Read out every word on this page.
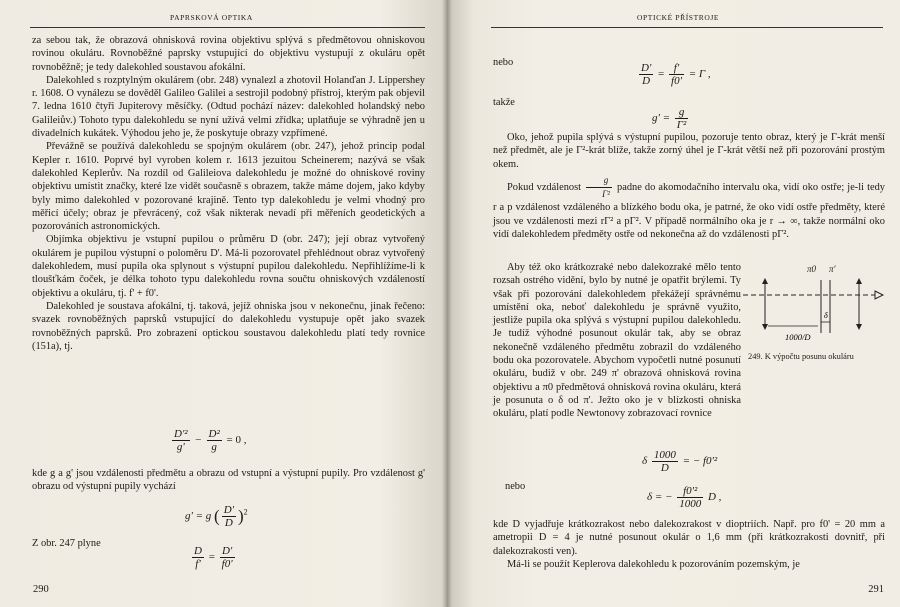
PAPRSKOVÁ OPTIKA

za sebou tak, že obrazová ohnisková rovina objektivu splývá s předmětovou ohniskovou rovinou okuláru. Rovnoběžné paprsky vstupující do objektivu vystupují z okuláru opět rovnoběžně; je tedy dalekohled soustavou afokální.

Dalekohled s rozptylným okulárem (obr. 248) vynalezl a zhotovil Holanďan J. Lippershey r. 1608. O vynálezu se dověděl Galileo Galilei a sestrojil podobný přístroj, kterým pak objevil 7. ledna 1610 čtyři Jupiterovy měsíčky. (Odtud pochází název: dalekohled holandský nebo Galileiův.) Tohoto typu dalekohledu se nyní užívá velmi zřídka; uplatňuje se výhradně jen u divadelních kukátek. Výhodou jeho je, že poskytuje obrazy vzpřímené.

Převážně se používá dalekohledu se spojným okulárem (obr. 247), jehož princip podal Kepler r. 1610. Poprvé byl vyroben kolem r. 1613 jezuitou Scheinerem; nazývá se však dalekohled Keplerův. Na rozdíl od Galileiova dalekohledu je možné do ohniskové roviny objektivu umístit značky, které lze vidět současně s obrazem, takže máme dojem, jako kdyby byly mimo dalekohled v pozorované krajině. Tento typ dalekohledu je velmi vhodný pro měřicí účely; obraz je převrácený, což však nikterak nevadí při měřeních geodetických a pozorováních astronomických.

Objímka objektivu je vstupní pupilou o průměru D (obr. 247); její obraz vytvořený okulárem je pupilou výstupní o poloměru D'. Má-li pozorovatel přehlédnout obraz vytvořený dalekohledem, musí pupila oka splynout s výstupní pupilou dalekohledu. Nepřihlížíme-li k tloušťkám čoček, je délka tohoto typu dalekohledu rovna součtu ohniskových vzdáleností objektivu a okuláru, tj. f' + f0'.

Dalekohled je soustava afokální, tj. taková, jejíž ohniska jsou v nekonečnu, jinak řečeno: svazek rovnoběžných paprsků vstupující do dalekohledu vystupuje opět jako svazek rovnoběžných paprsků. Pro zobrazení optickou soustavou dalekohledu platí tedy rovnice (151a), tj.

$\frac{\text{D'²}}{g'} - \frac{\text{D²}}{g} = 0$ ,

kde g a g' jsou vzdálenosti předmětu a obrazu od vstupní a výstupní pupily. Pro vzdálenost g' obrazu od výstupní pupily vychází

g' = g ( $\frac{D'}{D} )^2$

Z obr. 247 plyne

$\frac{D}{f'} = \frac{D'}{f0'}$
290
OPTICKÉ PŘÍSTROJE
nebo	$\frac{D'}{D} = \frac{f'}{f0'} = \Gamma$ ,
takže
$g' = \frac{g}{\text{Γ²}}$

Oko, jehož pupila splývá s výstupní pupilou, pozoruje tento obraz, který je Γ-krát menší než předmět, ale je Γ²-krát blíže, takže zorný úhel je Γ-krát větší než při pozorování prostým okem.

Pokud vzdálenost $\frac{g}{\text{Γ²}}$ padne do akomodačního intervalu oka, vidí oko ostře; je-li tedy r a p vzdálenost vzdáleného a blízkého bodu oka, je patrné, že oko vidí ostře předměty, které jsou ve vzdálenosti mezi rΓ² a pΓ². V případě normálního oka je r → ∞, takže normální oko vidí dalekohledem předměty ostře od nekonečna až do vzdálenosti pΓ².

Aby též oko krátkozraké nebo dalekozraké mělo tento rozsah ostrého vidění, bylo by nutné je opatřit brýlemi. Ty však při pozorování dalekohledem překážejí správnému umístění oka, neboť dalekohledu je správně využito, jestliže pupila oka splývá s výstupní pupilou dalekohledu. Je tudíž výhodné posunout okulár tak, aby se obraz nekonečně vzdáleného předmětu zobrazil do vzdáleného bodu oka pozorovatele. Abychom vypočetli nutné posunutí okuláru, budiž v obr. 249 π' obrazová ohnisková rovina objektivu a π0 předmětová ohnisková rovina okuláru, která je posunuta o δ od π'. Ježto oko je v blízkosti ohniska okuláru, platí podle Newtonovy zobrazovací rovnice

δ
1000/D
π0 π'
249. K výpočtu posunu okuláru
δ $\frac{1000}{D}$ = − f0'²
nebo
δ = − $\frac{\text{f0'²}}{1000}$ D ,

kde D vyjadřuje krátkozrakost nebo dalekozrakost v dioptriích. Např. pro f0' = 20 mm a ametropii D = 4 je nutné posunout okulár o 1,6 mm (při krátkozrakosti dovnitř, při dalekozrakosti ven).

Má-li se použít Keplerova dalekohledu k pozorováním pozemským, je

291
